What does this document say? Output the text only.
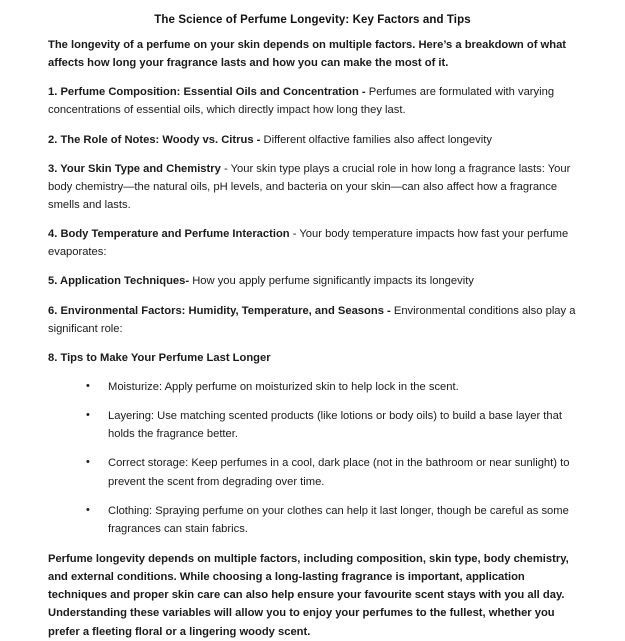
The Science of Perfume Longevity: Key Factors and Tips

The longevity of a perfume on your skin depends on multiple factors. Here’s a breakdown of what affects how long your fragrance lasts and how you can make the most of it.

1. Perfume Composition: Essential Oils and Concentration - Perfumes are formulated with varying concentrations of essential oils, which directly impact how long they last.

2. The Role of Notes: Woody vs. Citrus - Different olfactive families also affect longevity

3. Your Skin Type and Chemistry - Your skin type plays a crucial role in how long a fragrance lasts: Your body chemistry—the natural oils, pH levels, and bacteria on your skin—can also affect how a fragrance smells and lasts.

4. Body Temperature and Perfume Interaction - Your body temperature impacts how fast your perfume evaporates:

5. Application Techniques- How you apply perfume significantly impacts its longevity

6. Environmental Factors: Humidity, Temperature, and Seasons - Environmental conditions also play a significant role:

8. Tips to Make Your Perfume Last Longer

• Moisturize: Apply perfume on moisturized skin to help lock in the scent.
• Layering: Use matching scented products (like lotions or body oils) to build a base layer that holds the fragrance better.
• Correct storage: Keep perfumes in a cool, dark place (not in the bathroom or near sunlight) to prevent the scent from degrading over time.
• Clothing: Spraying perfume on your clothes can help it last longer, though be careful as some fragrances can stain fabrics.

Perfume longevity depends on multiple factors, including composition, skin type, body chemistry, and external conditions. While choosing a long-lasting fragrance is important, application techniques and proper skin care can also help ensure your favourite scent stays with you all day. Understanding these variables will allow you to enjoy your perfumes to the fullest, whether you prefer a fleeting floral or a lingering woody scent.
